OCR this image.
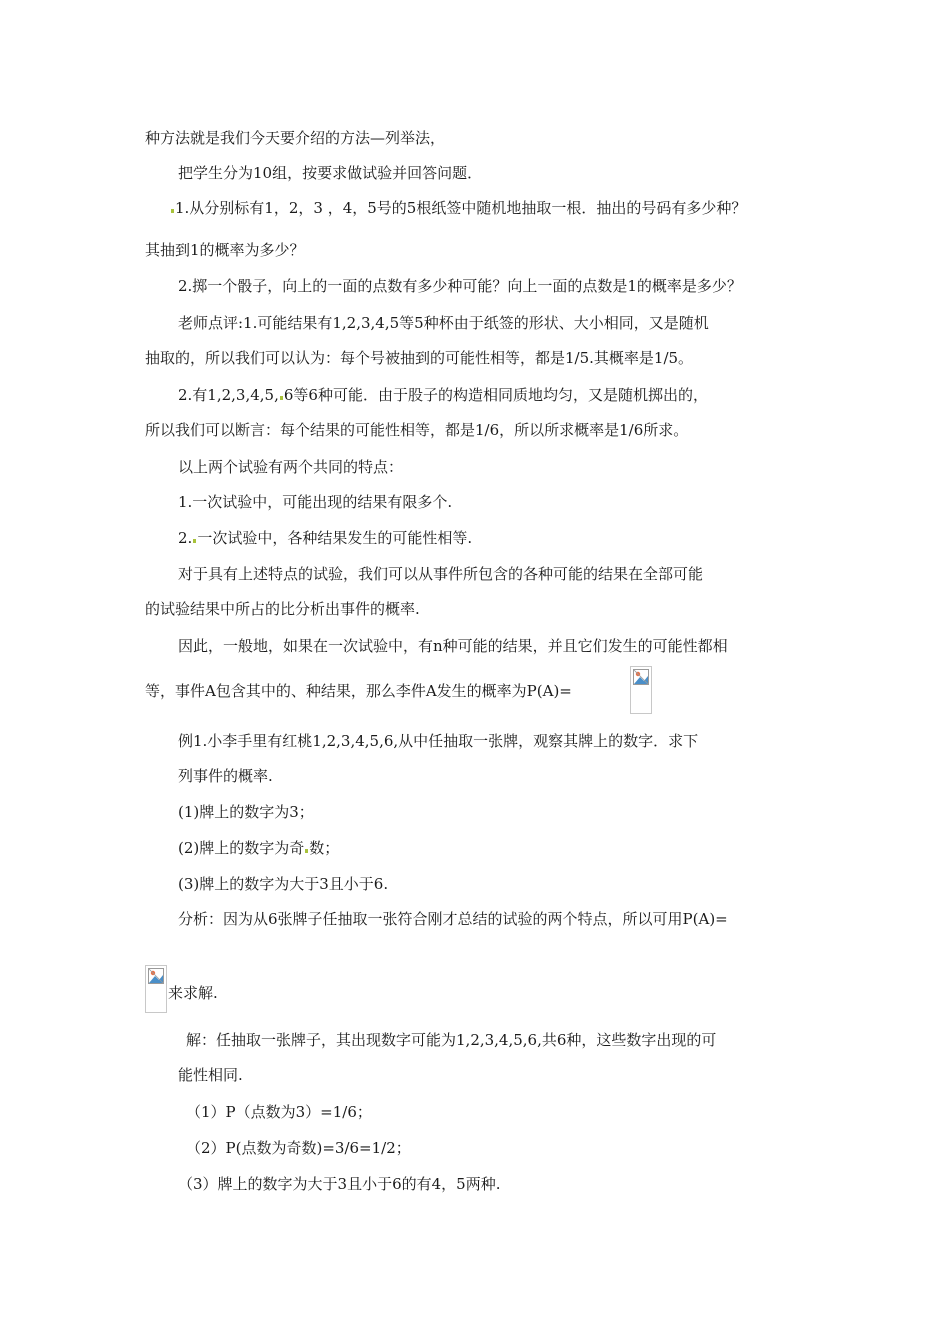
种方法就是我们今天要介绍的方法—列举法，
把学生分为10组，按要求做试验并回答问题．
1.从分别标有1，2，3 ，4，5号的5根纸签中随机地抽取一根．抽出的号码有多少种？
其抽到1的概率为多少？
2.掷一个骰子，向上的一面的点数有多少种可能？向上一面的点数是1的概率是多少？
老师点评:1.可能结果有1,2,3,4,5等5种杯由于纸签的形状、大小相同，又是随机
抽取的，所以我们可以认为：每个号被抽到的可能性相等，都是1/5.其概率是1/5。
2.有1,2,3,4,5, 6等6种可能．由于股子的构造相同质地均匀，又是随机掷出的，
所以我们可以断言：每个结果的可能性相等，都是1/6，所以所求概率是1/6所求。
以上两个试验有两个共同的特点：
1.一次试验中，可能出现的结果有限多个.
2. 一次试验中，各种结果发生的可能性相等.
对于具有上述特点的试验，我们可以从事件所包含的各种可能的结果在全部可能
的试验结果中所占的比分析出事件的概率.
因此，一般地，如果在一次试验中，有n种可能的结果，并且它们发生的可能性都相
等，事件A包含其中的、种结果，那么李件A发生的概率为P(A)=
例1.小李手里有红桃1,2,3,4,5,6,从中任抽取一张牌，观察其牌上的数字．求下
列事件的概率.
(1)牌上的数字为3；
(2)牌上的数字为奇 数；
(3)牌上的数字为大于3且小于6.
分析：因为从6张牌子任抽取一张符合刚才总结的试验的两个特点，所以可用P(A)=
来求解.
解：任抽取一张牌子，其出现数字可能为1,2,3,4,5,6,共6种，这些数字出现的可
能性相同.
（1）P（点数为3）=1/6；
（2）P(点数为奇数)=3/6=1/2；
（3）牌上的数字为大于3且小于6的有4，5两种.
